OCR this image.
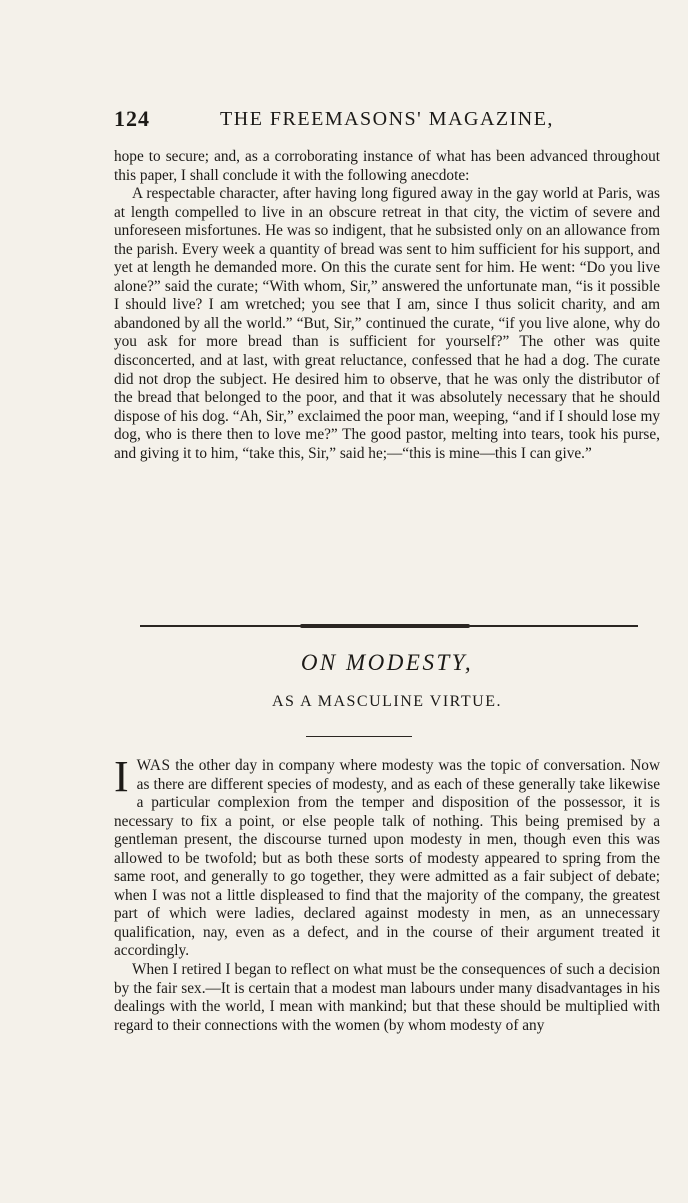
124	THE FREEMASONS' MAGAZINE,

hope to secure; and, as a corroborating instance of what has been advanced throughout this paper, I shall conclude it with the following anecdote:

A respectable character, after having long figured away in the gay world at Paris, was at length compelled to live in an obscure retreat in that city, the victim of severe and unforeseen misfortunes. He was so indigent, that he subsisted only on an allowance from the parish. Every week a quantity of bread was sent to him sufficient for his support, and yet at length he demanded more. On this the curate sent for him. He went: “Do you live alone?” said the curate; “With whom, Sir,” answered the unfortunate man, “is it possible I should live? I am wretched; you see that I am, since I thus solicit charity, and am abandoned by all the world.” “But, Sir,” continued the curate, “if you live alone, why do you ask for more bread than is sufficient for yourself?” The other was quite disconcerted, and at last, with great reluctance, confessed that he had a dog. The curate did not drop the subject. He desired him to observe, that he was only the distributor of the bread that belonged to the poor, and that it was absolutely necessary that he should dispose of his dog. “Ah, Sir,” exclaimed the poor man, weeping, “and if I should lose my dog, who is there then to love me?” The good pastor, melting into tears, took his purse, and giving it to him, “take this, Sir,” said he;—“this is mine—this I can give.”

ON MODESTY,
AS A MASCULINE VIRTUE.

IWAS the other day in company where modesty was the topic of conversation. Now as there are different species of modesty, and as each of these generally take likewise a particular complexion from the temper and disposition of the possessor, it is necessary to fix a point, or else people talk of nothing. This being premised by a gentleman present, the discourse turned upon modesty in men, though even this was allowed to be twofold; but as both these sorts of modesty appeared to spring from the same root, and generally to go together, they were admitted as a fair subject of debate; when I was not a little displeased to find that the majority of the company, the greatest part of which were ladies, declared against modesty in men, as an unnecessary qualification, nay, even as a defect, and in the course of their argument treated it accordingly.

When I retired I began to reflect on what must be the consequences of such a decision by the fair sex.—It is certain that a modest man labours under many disadvantages in his dealings with the world, I mean with mankind; but that these should be multiplied with regard to their connections with the women (by whom modesty of any
